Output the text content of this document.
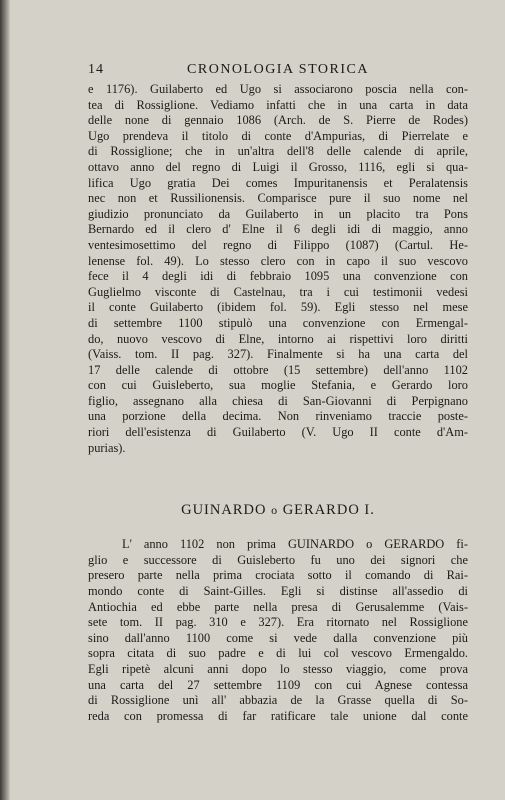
14	CRONOLOGIA STORICA
e 1176). Guilaberto ed Ugo si associarono poscia nella con-
tea di Rossiglione. Vediamo infatti che in una carta in data
delle none di gennaio 1086 (Arch. de S. Pierre de Rodes)
Ugo prendeva il titolo di conte d'Ampurias, di Pierrelate e
di Rossiglione; che in un'altra dell'8 delle calende di aprile,
ottavo anno del regno di Luigi il Grosso, 1116, egli si qua-
lifica Ugo gratia Dei comes Impuritanensis et Peralatensis
nec non et Russilionensis. Comparisce pure il suo nome nel
giudizio pronunciato da Guilaberto in un placito tra Pons
Bernardo ed il clero d' Elne il 6 degli idi di maggio, anno
ventesimosettimo del regno di Filippo (1087) (Cartul. He-
lenense fol. 49). Lo stesso clero con in capo il suo vescovo
fece il 4 degli idi di febbraio 1095 una convenzione con
Guglielmo visconte di Castelnau, tra i cui testimonii vedesi
il conte Guilaberto (ibidem fol. 59). Egli stesso nel mese
di settembre 1100 stipulò una convenzione con Ermengal-
do, nuovo vescovo di Elne, intorno ai rispettivi loro diritti
(Vaiss. tom. II pag. 327). Finalmente si ha una carta del
17 delle calende di ottobre (15 settembre) dell'anno 1102
con cui Guisleberto, sua moglie Stefania, e Gerardo loro
figlio, assegnano alla chiesa di San-Giovanni di Perpignano
una porzione della decima. Non rinveniamo traccie poste-
riori dell'esistenza di Guilaberto (V. Ugo II conte d'Am-
purias).
GUINARDO o GERARDO I.
L' anno 1102 non prima GUINARDO o GERARDO fi-
glio e successore di Guisleberto fu uno dei signori che
presero parte nella prima crociata sotto il comando di Rai-
mondo conte di Saint-Gilles. Egli si distinse all'assedio di
Antiochia ed ebbe parte nella presa di Gerusalemme (Vais-
sete tom. II pag. 310 e 327). Era ritornato nel Rossiglione
sino dall'anno 1100 come si vede dalla convenzione più
sopra citata di suo padre e di lui col vescovo Ermengaldo.
Egli ripetè alcuni anni dopo lo stesso viaggio, come prova
una carta del 27 settembre 1109 con cui Agnese contessa
di Rossiglione unì all' abbazia de la Grasse quella di So-
reda con promessa di far ratificare tale unione dal conte
